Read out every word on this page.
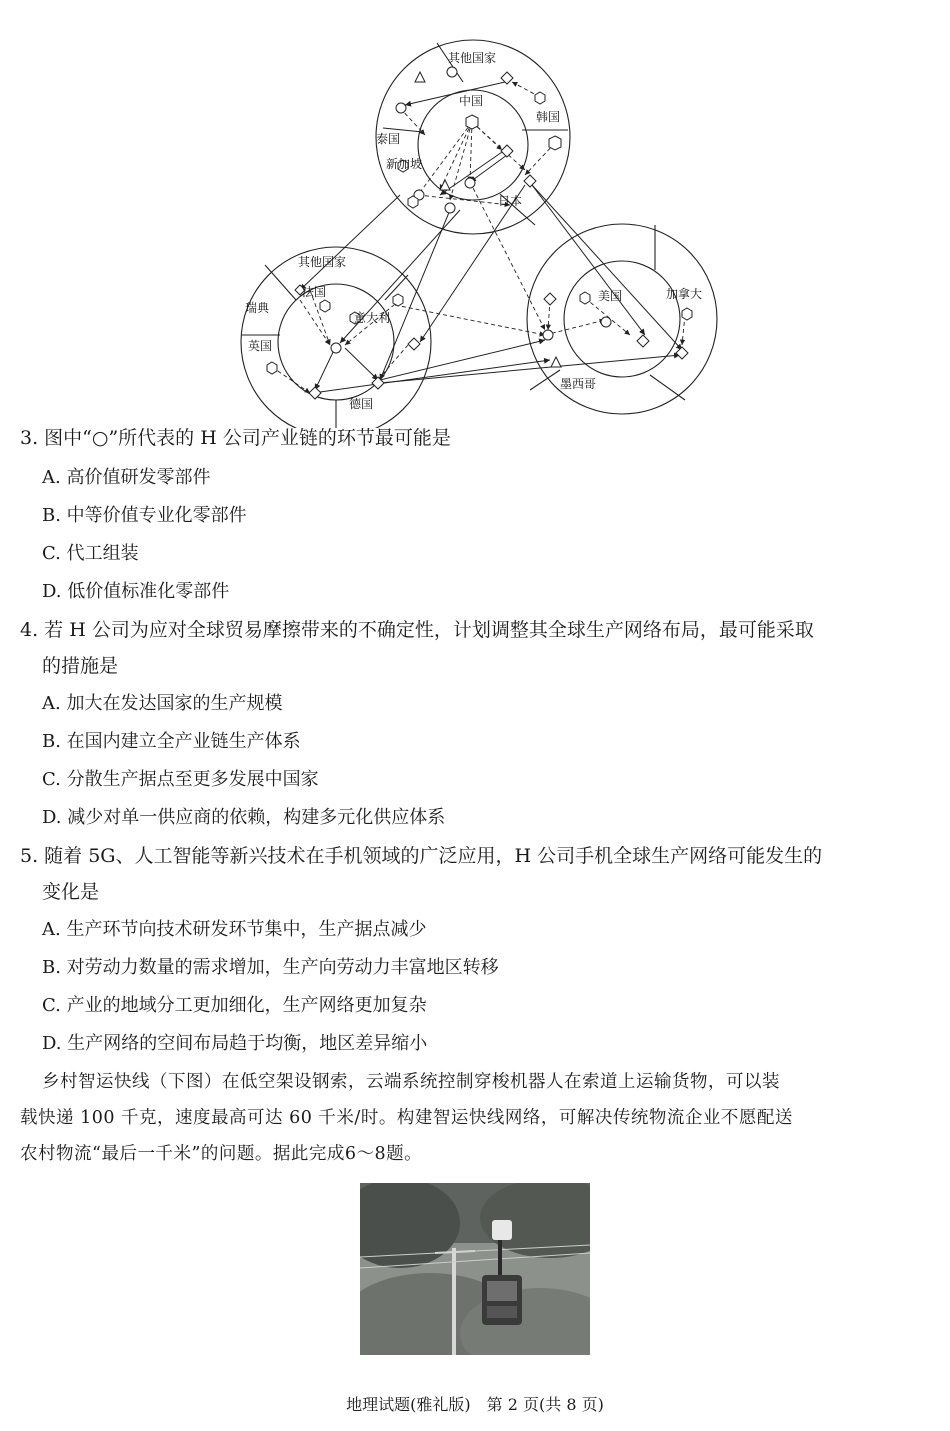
其他国家
中国
韩国
泰国
新加坡
日本
其他国家
法国
瑞典
意大利
英国
德国
美国	加拿大
墨西哥
3. 图中“○”所代表的 H 公司产业链的环节最可能是
A. 高价值研发零部件
B. 中等价值专业化零部件
C. 代工组装
D. 低价值标准化零部件
4. 若 H 公司为应对全球贸易摩擦带来的不确定性，计划调整其全球生产网络布局，最可能采取
的措施是
A. 加大在发达国家的生产规模
B. 在国内建立全产业链生产体系
C. 分散生产据点至更多发展中国家
D. 减少对单一供应商的依赖，构建多元化供应体系
5. 随着 5G、人工智能等新兴技术在手机领域的广泛应用，H 公司手机全球生产网络可能发生的
变化是
A. 生产环节向技术研发环节集中，生产据点减少
B. 对劳动力数量的需求增加，生产向劳动力丰富地区转移
C. 产业的地域分工更加细化，生产网络更加复杂
D. 生产网络的空间布局趋于均衡，地区差异缩小
乡村智运快线（下图）在低空架设钢索，云端系统控制穿梭机器人在索道上运输货物，可以装
载快递 100 千克，速度最高可达 60 千米/时。构建智运快线网络，可解决传统物流企业不愿配送
农村物流“最后一千米”的问题。据此完成6～8题。
地理试题(雅礼版)　第 2 页(共 8 页)
